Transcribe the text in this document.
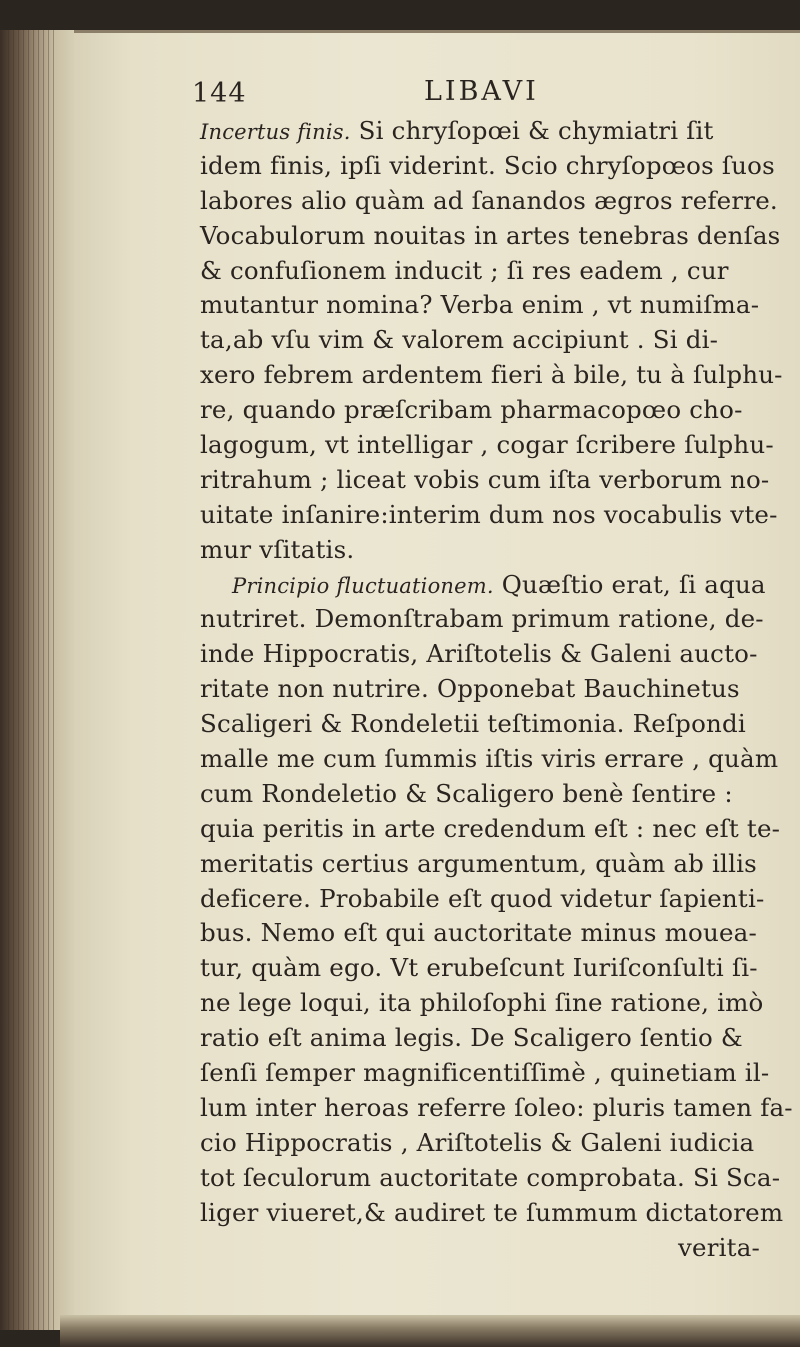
144	LIBAVI
Incertus finis. Si chryſopœi & chymiatri ſit
idem finis, ipſi viderint. Scio chryſopœos ſuos
labores alio quàm ad ſanandos ægros referre.
Vocabulorum nouitas in artes tenebras denſas
& confuſionem inducit ; ſi res eadem , cur
mutantur nomina? Verba enim , vt numiſma-
ta,ab vſu vim & valorem accipiunt . Si di-
xero febrem ardentem fieri à bile, tu à ſulphu-
re, quando præſcribam pharmacopœo cho-
lagogum, vt intelligar , cogar ſcribere ſulphu-
ritrahum ; liceat vobis cum iſta verborum no-
uitate inſanire:interim dum nos vocabulis vte-
mur vſitatis.
Principio fluctuationem. Quæſtio erat, ſi aqua
nutriret. Demonſtrabam primum ratione, de-
inde Hippocratis, Ariſtotelis & Galeni aucto-
ritate non nutrire. Opponebat Bauchinetus
Scaligeri & Rondeletii teſtimonia. Reſpondi
malle me cum ſummis iſtis viris errare , quàm
cum Rondeletio & Scaligero benè ſentire :
quia peritis in arte credendum eſt : nec eſt te-
meritatis certius argumentum, quàm ab illis
deficere. Probabile eſt quod videtur ſapienti-
bus. Nemo eſt qui auctoritate minus mouea-
tur, quàm ego. Vt erubeſcunt Iuriſconſulti ſi-
ne lege loqui, ita philoſophi ſine ratione, imò
ratio eſt anima legis. De Scaligero ſentio &
ſenſi ſemper magnificentiſſimè , quinetiam il-
lum inter heroas referre ſoleo: pluris tamen fa-
cio Hippocratis , Ariſtotelis & Galeni iudicia
tot ſeculorum auctoritate comprobata. Si Sca-
liger viueret,& audiret te ſummum dictatorem
verita-
